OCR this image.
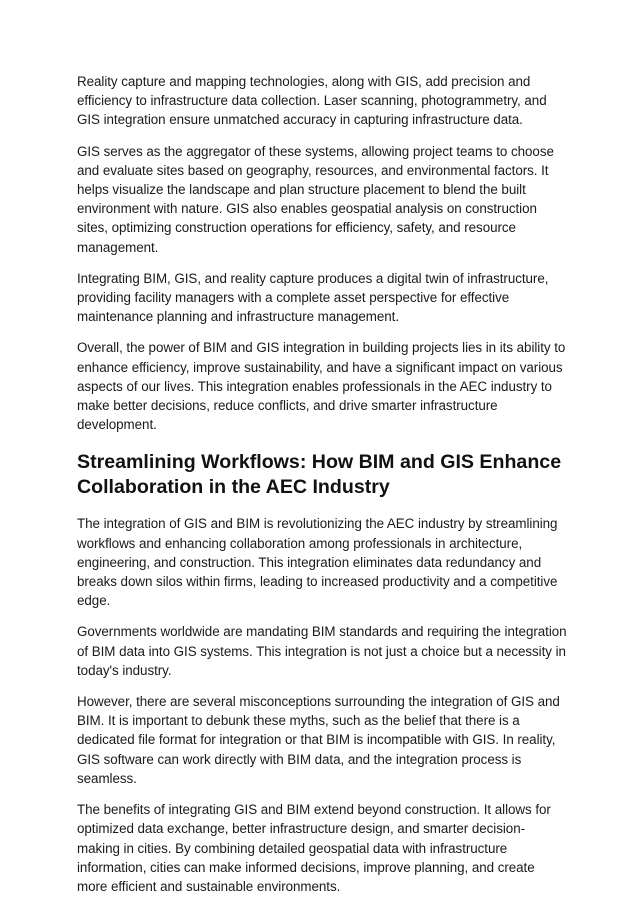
Reality capture and mapping technologies, along with GIS, add precision and efficiency to infrastructure data collection. Laser scanning, photogrammetry, and GIS integration ensure unmatched accuracy in capturing infrastructure data.

GIS serves as the aggregator of these systems, allowing project teams to choose and evaluate sites based on geography, resources, and environmental factors. It helps visualize the landscape and plan structure placement to blend the built environment with nature. GIS also enables geospatial analysis on construction sites, optimizing construction operations for efficiency, safety, and resource management.

Integrating BIM, GIS, and reality capture produces a digital twin of infrastructure, providing facility managers with a complete asset perspective for effective maintenance planning and infrastructure management.

Overall, the power of BIM and GIS integration in building projects lies in its ability to enhance efficiency, improve sustainability, and have a significant impact on various aspects of our lives. This integration enables professionals in the AEC industry to make better decisions, reduce conflicts, and drive smarter infrastructure development.

Streamlining Workflows: How BIM and GIS Enhance Collaboration in the AEC Industry

The integration of GIS and BIM is revolutionizing the AEC industry by streamlining workflows and enhancing collaboration among professionals in architecture, engineering, and construction. This integration eliminates data redundancy and breaks down silos within firms, leading to increased productivity and a competitive edge.

Governments worldwide are mandating BIM standards and requiring the integration of BIM data into GIS systems. This integration is not just a choice but a necessity in today's industry.

However, there are several misconceptions surrounding the integration of GIS and BIM. It is important to debunk these myths, such as the belief that there is a dedicated file format for integration or that BIM is incompatible with GIS. In reality, GIS software can work directly with BIM data, and the integration process is seamless.

The benefits of integrating GIS and BIM extend beyond construction. It allows for optimized data exchange, better infrastructure design, and smarter decision-making in cities. By combining detailed geospatial data with infrastructure information, cities can make informed decisions, improve planning, and create more efficient and sustainable environments.
